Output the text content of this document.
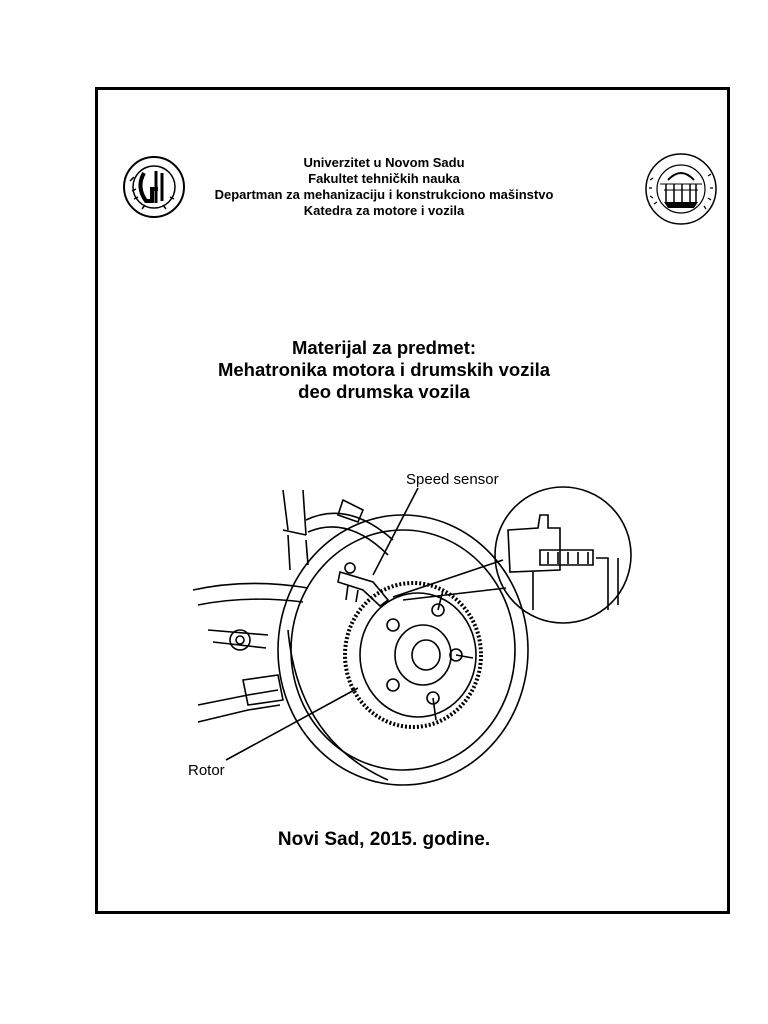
Univerzitet u Novom Sadu
Fakultet tehničkih nauka
Departman za mehanizaciju i konstrukciono mašinstvo
Katedra za motore i vozila
Materijal za predmet:
Mehatronika motora i drumskih vozila
deo drumska vozila
Speed sensor
Rotor
Novi Sad, 2015. godine.
